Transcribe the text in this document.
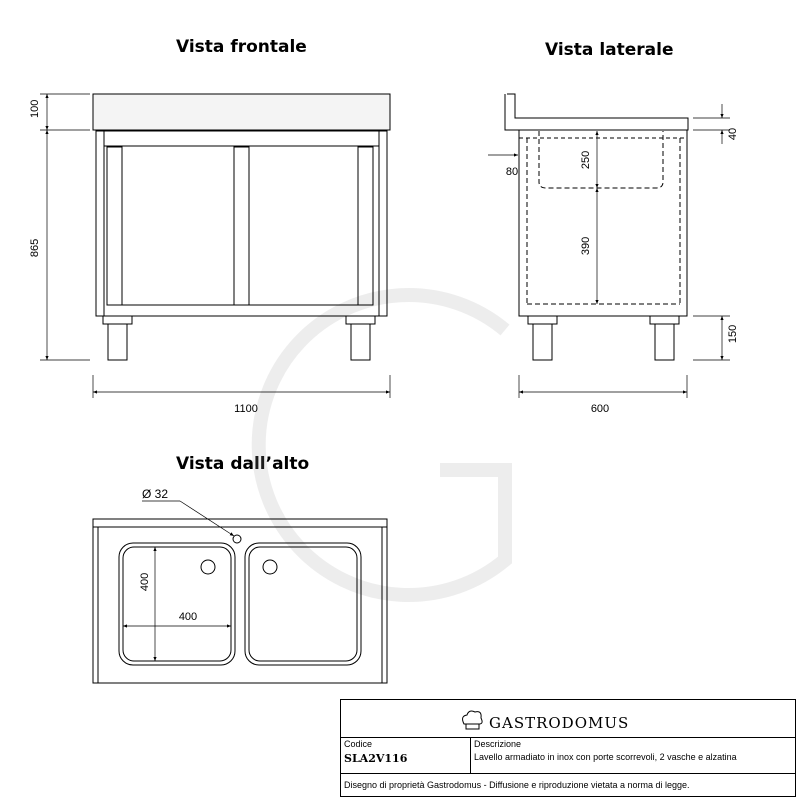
Vista frontale	Vista laterale
Vista dall’alto
100
865
1100
40
80
250
390
150
600
Ø 32
400
400
GASTRODOMUS
Codice
SLA2V116
Descrizione
Lavello armadiato in inox con porte scorrevoli, 2 vasche e alzatina
Disegno di proprietà Gastrodomus - Diffusione e riproduzione vietata a norma di legge.
